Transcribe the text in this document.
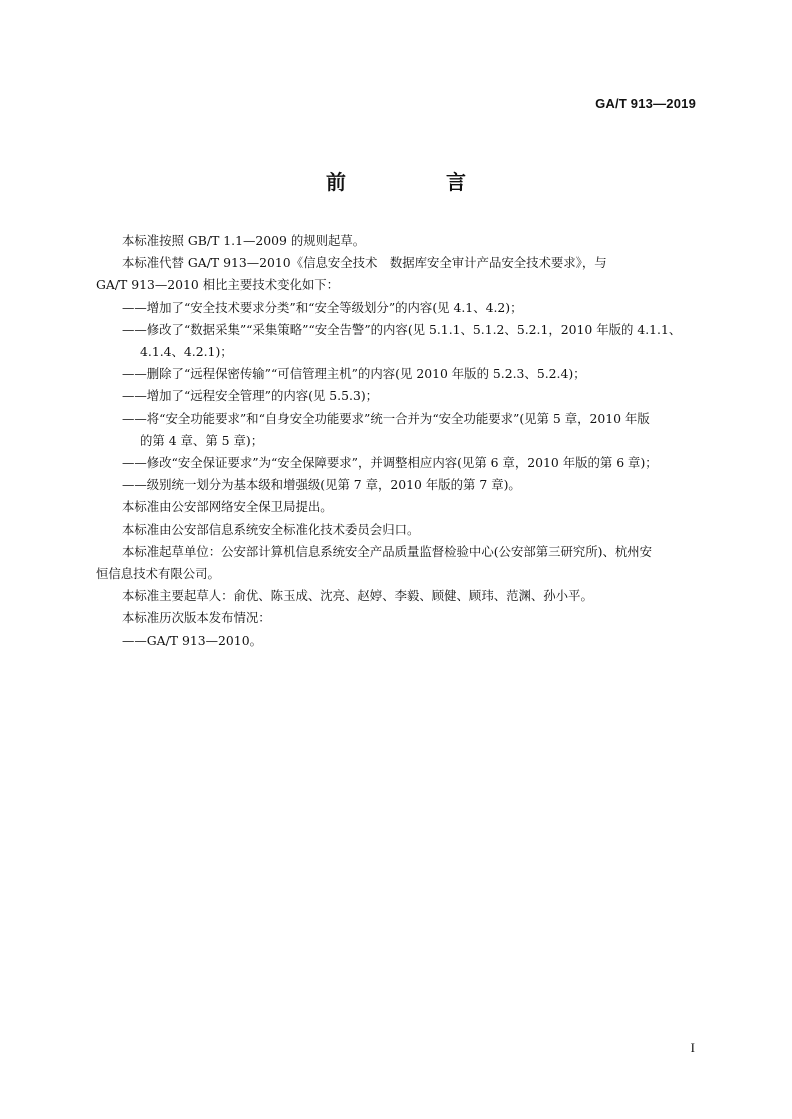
GA/T 913—2019
前　言

本标准按照 GB/T 1.1—2009 的规则起草。

本标准代替 GA/T 913—2010《信息安全技术　数据库安全审计产品安全技术要求》，与

GA/T 913—2010 相比主要技术变化如下：

——增加了“安全技术要求分类”和“安全等级划分”的内容(见 4.1、4.2)；

——修改了“数据采集”“采集策略”“安全告警”的内容(见 5.1.1、5.1.2、5.2.1，2010 年版的 4.1.1、

4.1.4、4.2.1)；

——删除了“远程保密传输”“可信管理主机”的内容(见 2010 年版的 5.2.3、5.2.4)；

——增加了“远程安全管理”的内容(见 5.5.3)；

——将“安全功能要求”和“自身安全功能要求”统一合并为“安全功能要求”(见第 5 章，2010 年版

的第 4 章、第 5 章)；

——修改“安全保证要求”为“安全保障要求”，并调整相应内容(见第 6 章，2010 年版的第 6 章)；

——级别统一划分为基本级和增强级(见第 7 章，2010 年版的第 7 章)。

本标准由公安部网络安全保卫局提出。

本标准由公安部信息系统安全标准化技术委员会归口。

本标准起草单位：公安部计算机信息系统安全产品质量监督检验中心(公安部第三研究所)、杭州安

恒信息技术有限公司。

本标准主要起草人：俞优、陈玉成、沈亮、赵婷、李毅、顾健、顾玮、范渊、孙小平。

本标准历次版本发布情况：

——GA/T 913—2010。

I
